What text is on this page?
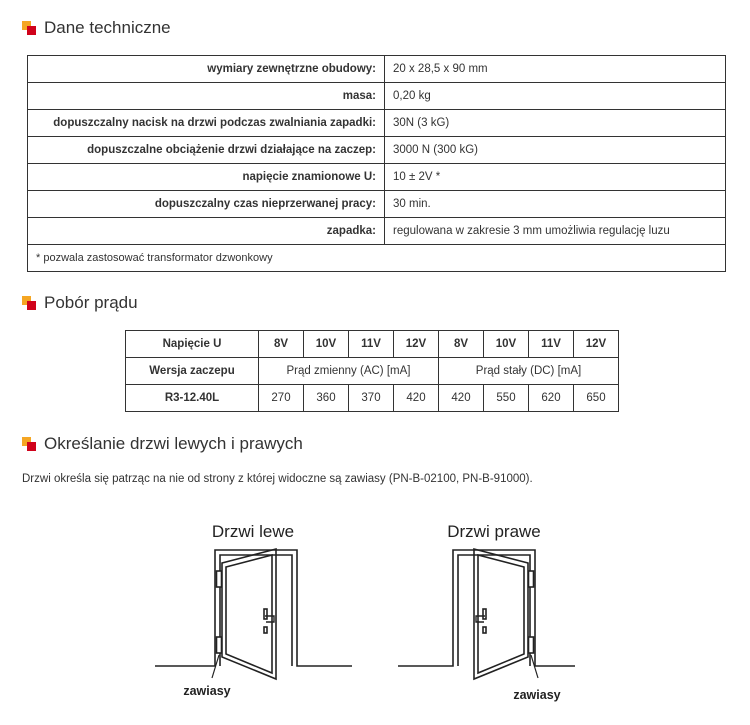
Dane techniczne
wymiary zewnętrzne obudowy:	20 x 28,5 x 90 mm
masa:	0,20 kg
dopuszczalny nacisk na drzwi podczas zwalniania zapadki:	30N (3 kG)
dopuszczalne obciążenie drzwi działające na zaczep:	3000 N (300 kG)
napięcie znamionowe U:	10 ± 2V *
dopuszczalny czas nieprzerwanej pracy:	30 min.
zapadka:	regulowana w zakresie 3 mm umożliwia regulację luzu
* pozwala zastosować transformator dzwonkowy	
Pobór prądu
Napięcie U	8V	10V	11V	12V	8V	10V	11V	12V
Wersja zaczepu	Prąd zmienny (AC) [mA]				Prąd stały (DC) [mA]			
R3-12.40L	270	360	370	420	420	550	620	650
Określanie drzwi lewych i prawych
Drzwi określa się patrząc na nie od strony z której widoczne są zawiasy (PN-B-02100, PN-B-91000).
Drzwi lewe	Drzwi prawe
zawiasy	zawiasy
